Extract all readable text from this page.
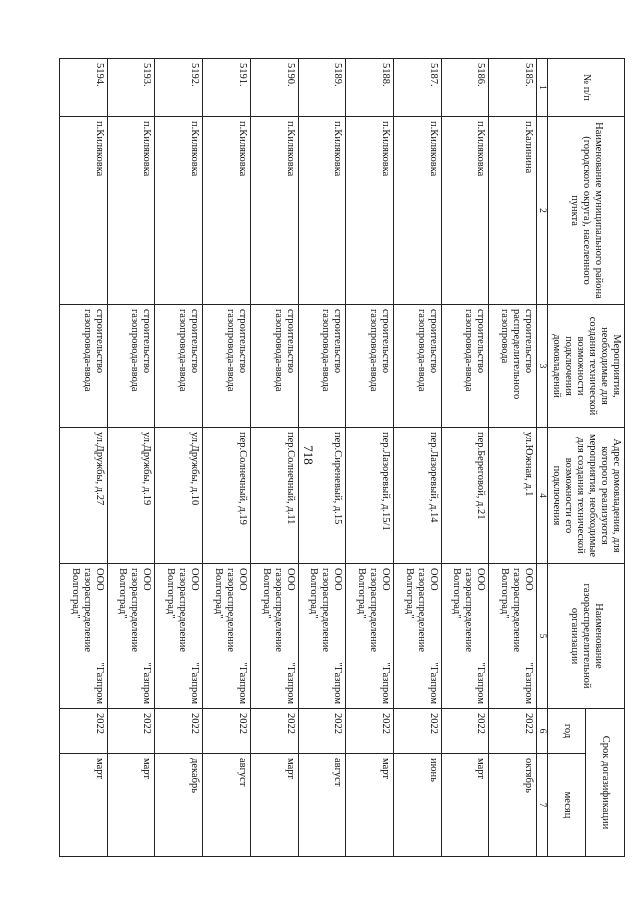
718
№ п/п	Наименование муниципального района (городского округа), населенного пункта	Мероприятия, необходимые для создания технической возможности подключения домовладений	Адрес домовладения, для которого реализуются мероприятия, необходимые для создания технической возможности его подключения	Наименование газораспределительной организации	Срок догазификации	
					год	месяц
1	2	3	4	5	6	7
5185.	п.Калинина	строительство распределительного газопровода	ул.Южная, д.1	ООО "Газпром газораспределение Волгоград"	2022	октябрь
5186.	п.Киляковка	строительство газопровода-ввода	пер.Береговой, д.21	ООО "Газпром газораспределение Волгоград"	2022	март
5187.	п.Киляковка	строительство газопровода-ввода	пер.Лазоревый, д.14	ООО "Газпром газораспределение Волгоград"	2022	июнь
5188.	п.Киляковка	строительство газопровода-ввода	пер.Лазоревый, д.15/1	ООО "Газпром газораспределение Волгоград"	2022	март
5189.	п.Киляковка	строительство газопровода-ввода	пер.Сиреневый, д.15	ООО "Газпром газораспределение Волгоград"	2022	август
5190.	п.Киляковка	строительство газопровода-ввода	пер.Солнечный, д.11	ООО "Газпром газораспределение Волгоград"	2022	март
5191.	п.Киляковка	строительство газопровода-ввода	пер.Солнечный, д.19	ООО "Газпром газораспределение Волгоград"	2022	август
5192.	п.Киляковка	строительство газопровода-ввода	ул.Дружбы, д.10	ООО "Газпром газораспределение Волгоград"	2022	декабрь
5193.	п.Киляковка	строительство газопровода-ввода	ул.Дружбы, д.19	ООО "Газпром газораспределение Волгоград"	2022	март
5194.	п.Киляковка	строительство газопровода-ввода	ул.Дружбы, д.27	ООО "Газпром газораспределение Волгоград"	2022	март
